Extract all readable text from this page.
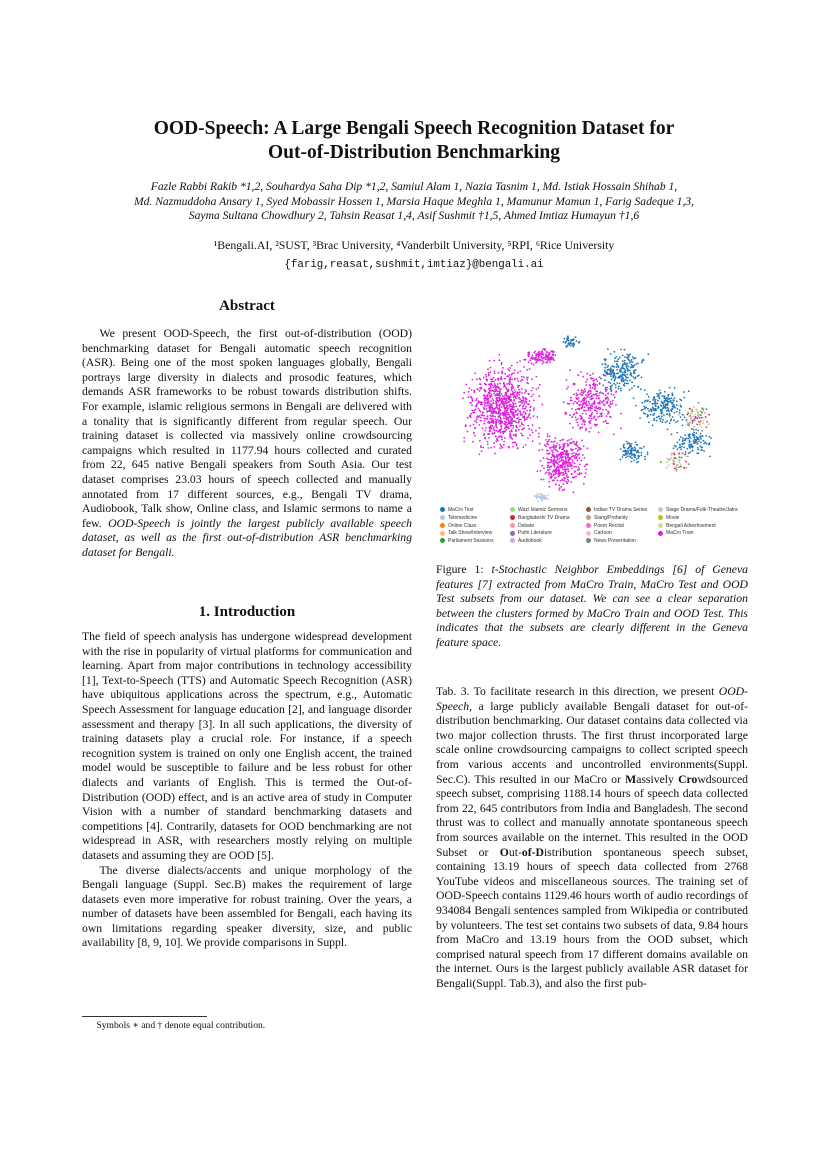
OOD-Speech: A Large Bengali Speech Recognition Dataset for
Out-of-Distribution Benchmarking
Fazle Rabbi Rakib *1,2, Souhardya Saha Dip *1,2, Samiul Alam 1, Nazia Tasnim 1, Md. Istiak Hossain Shihab 1,
Md. Nazmuddoha Ansary 1, Syed Mobassir Hossen 1, Marsia Haque Meghla 1, Mamunur Mamun 1, Farig Sadeque 1,3,
Sayma Sultana Chowdhury 2, Tahsin Reasat 1,4, Asif Sushmit †1,5, Ahmed Imtiaz Humayun †1,6
¹Bengali.AI, ²SUST, ³Brac University, ⁴Vanderbilt University, ⁵RPI, ⁶Rice University
{farig,reasat,sushmit,imtiaz}@bengali.ai
Abstract

We present OOD-Speech, the first out-of-distribution (OOD) benchmarking dataset for Bengali automatic speech recognition (ASR). Being one of the most spoken languages globally, Bengali portrays large diversity in dialects and prosodic features, which demands ASR frameworks to be robust towards distribution shifts. For example, islamic religious sermons in Bengali are delivered with a tonality that is significantly different from regular speech. Our training dataset is collected via massively online crowdsourcing campaigns which resulted in 1177.94 hours collected and curated from 22, 645 native Bengali speakers from South Asia. Our test dataset comprises 23.03 hours of speech collected and manually annotated from 17 different sources, e.g., Bengali TV drama, Audiobook, Talk show, Online class, and Islamic sermons to name a few. OOD-Speech is jointly the largest publicly available speech dataset, as well as the first out-of-distribution ASR benchmarking dataset for Bengali.

1. Introduction

The field of speech analysis has undergone widespread development with the rise in popularity of virtual platforms for communication and learning. Apart from major contributions in technology accessibility [1], Text-to-Speech (TTS) and Automatic Speech Recognition (ASR) have ubiquitous applications across the spectrum, e.g., Automatic Speech Assessment for language education [2], and language disorder assessment and therapy [3]. In all such applications, the diversity of training datasets play a crucial role. For instance, if a speech recognition system is trained on only one English accent, the trained model would be susceptible to failure and be less robust for other dialects and variants of English. This is termed the Out-of-Distribution (OOD) effect, and is an active area of study in Computer Vision with a number of standard benchmarking datasets and competitions [4]. Contrarily, datasets for OOD benchmarking are not widespread in ASR, with researchers mostly relying on multiple datasets and assuming they are OOD [5].

The diverse dialects/accents and unique morphology of the Bengali language (Suppl. Sec.B) makes the requirement of large datasets even more imperative for robust training. Over the years, a number of datasets have been assembled for Bengali, each having its own limitations regarding speaker diversity, size, and public availability [8, 9, 10]. We provide comparisons in Suppl.

Symbols ∗ and † denote equal contribution.
MaCro Test
Telemedicine
Online Class
Talk Show/Interview
Parliament Sessions
Waz/ Islamic Sermons
Bangladeshi TV Drama
Debate
Puthi Literature
Audiobook
Indian TV Drama Series
Slang/Profanity
Poem Recital
Cartoon
News Presentation
Stage Drama/Folk-Theatre/Jatra
Movie
Bengali Advertisement
MaCro Train
Figure 1: t-Stochastic Neighbor Embeddings [6] of Geneva features [7] extracted from MaCro Train, MaCro Test and OOD Test subsets from our dataset. We can see a clear separation between the clusters formed by MaCro Train and OOD Test. This indicates that the subsets are clearly different in the Geneva feature space.

Tab. 3. To facilitate research in this direction, we present OOD-Speech, a large publicly available Bengali dataset for out-of-distribution benchmarking. Our dataset contains data collected via two major collection thrusts. The first thrust incorporated large scale online crowdsourcing campaigns to collect scripted speech from various accents and uncontrolled environments(Suppl. Sec.C). This resulted in our MaCro or Massively Crowdsourced speech subset, comprising 1188.14 hours of speech data collected from 22, 645 contributors from India and Bangladesh. The second thrust was to collect and manually annotate spontaneous speech from sources available on the internet. This resulted in the OOD Subset or Out-of-Distribution spontaneous speech subset, containing 13.19 hours of speech data collected from 2768 YouTube videos and miscellaneous sources. The training set of OOD-Speech contains 1129.46 hours worth of audio recordings of 934084 Bengali sentences sampled from Wikipedia or contributed by volunteers. The test set contains two subsets of data, 9.84 hours from MaCro and 13.19 hours from the OOD subset, which comprised natural speech from 17 different domains available on the internet. Ours is the largest publicly available ASR dataset for Bengali(Suppl. Tab.3), and also the first pub-
